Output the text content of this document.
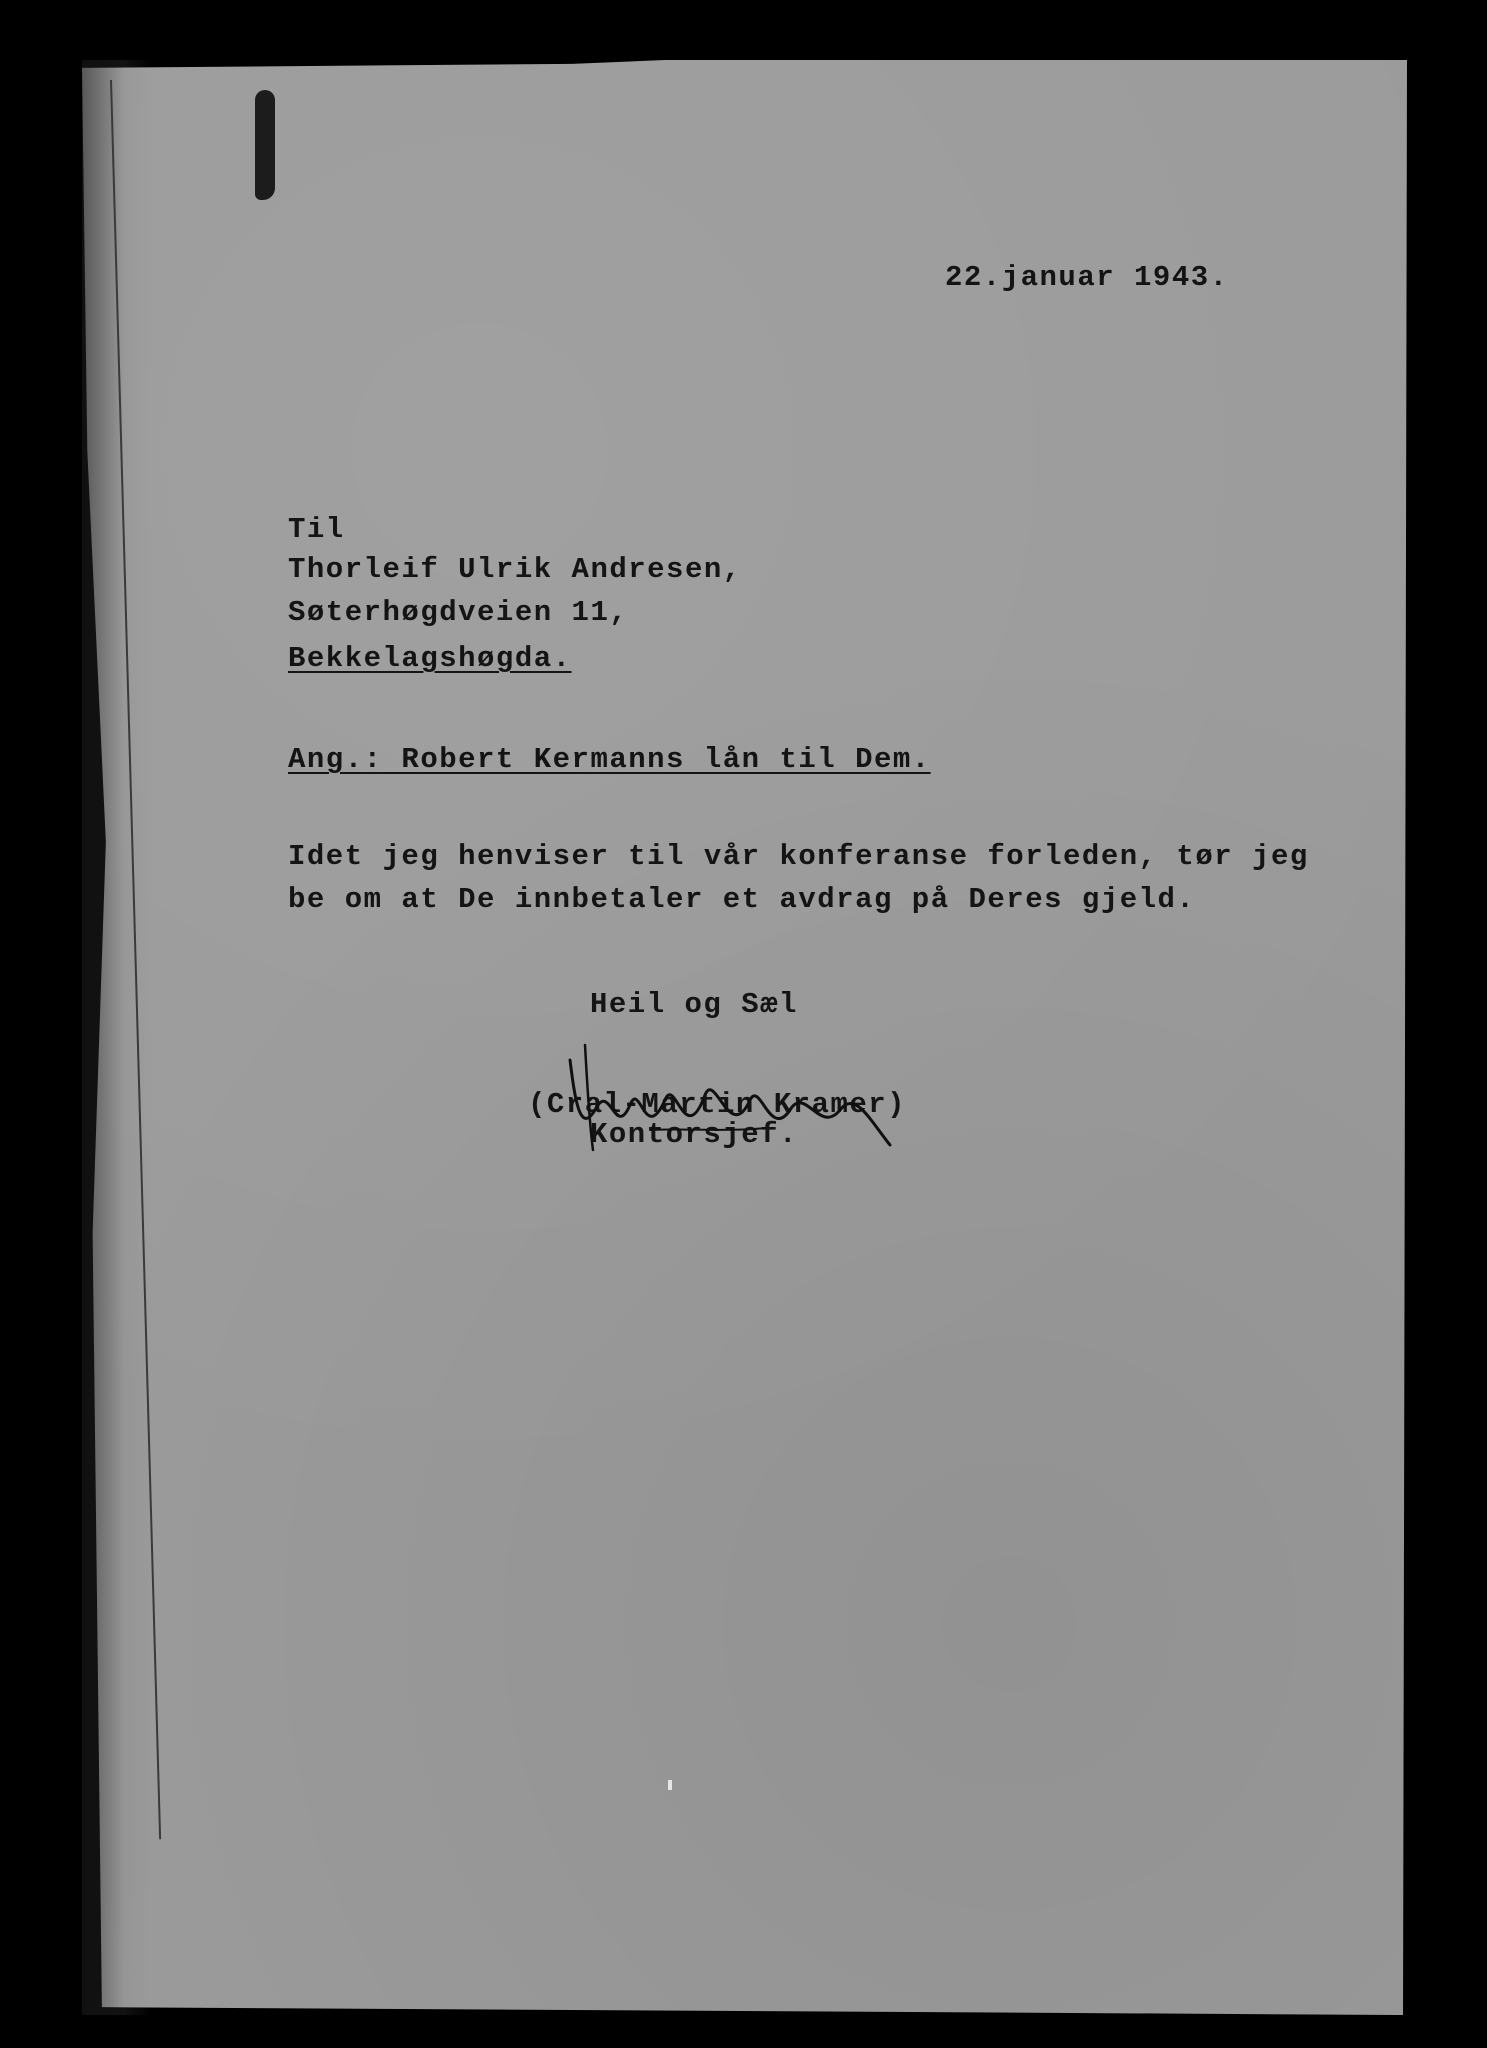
22.januar 1943.
Til
Thorleif Ulrik Andresen,
Søterhøgdveien 11,
Bekkelagshøgda.
Ang.: Robert Kermanns lån til Dem.
Idet jeg henviser til vår konferanse forleden, tør jeg
be om at De innbetaler et avdrag på Deres gjeld.
Heil og Sæl
(Cral-Martin Kramer)
Kontorsjef.
